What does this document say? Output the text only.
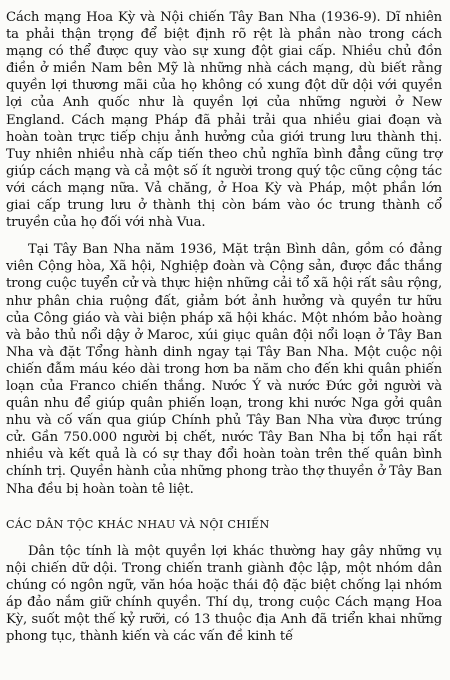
Cách mạng Hoa Kỳ và Nội chiến Tây Ban Nha (1936-9). Dĩ nhiên ta phải thận trọng để biệt định rõ rệt là phần nào trong cách mạng có thể được quy vào sự xung đột giai cấp. Nhiều chủ đồn điền ở miền Nam bên Mỹ là những nhà cách mạng, dù biết rằng quyền lợi thương mãi của họ không có xung đột dữ dội với quyền lợi của Anh quốc như là quyền lợi của những người ở New England. Cách mạng Pháp đã phải trải qua nhiều giai đoạn và hoàn toàn trực tiếp chịu ảnh hưởng của giới trung lưu thành thị. Tuy nhiên nhiều nhà cấp tiến theo chủ nghĩa bình đẳng cũng trợ giúp cách mạng và cả một số ít người trong quý tộc cũng cộng tác với cách mạng nữa. Vả chăng, ở Hoa Kỳ và Pháp, một phần lớn giai cấp trung lưu ở thành thị còn bám vào óc trung thành cổ truyền của họ đối với nhà Vua.

Tại Tây Ban Nha năm 1936, Mặt trận Bình dân, gồm có đảng viên Cộng hòa, Xã hội, Nghiệp đoàn và Cộng sản, được đắc thắng trong cuộc tuyển cử và thực hiện những cải tổ xã hội rất sâu rộng, như phân chia ruộng đất, giảm bớt ảnh hưởng và quyền tư hữu của Công giáo và vài biện pháp xã hội khác. Một nhóm bảo hoàng và bảo thủ nổi dậy ở Maroc, xúi giục quân đội nổi loạn ở Tây Ban Nha và đặt Tổng hành dinh ngay tại Tây Ban Nha. Một cuộc nội chiến đẫm máu kéo dài trong hơn ba năm cho đến khi quân phiến loạn của Franco chiến thắng. Nước Ý và nước Đức gởi người và quân nhu để giúp quân phiến loạn, trong khi nước Nga gởi quân nhu và cố vấn qua giúp Chính phủ Tây Ban Nha vừa được trúng cử. Gần 750.000 người bị chết, nước Tây Ban Nha bị tổn hại rất nhiều và kết quả là có sự thay đổi hoàn toàn trên thế quân bình chính trị. Quyền hành của những phong trào thợ thuyền ở Tây Ban Nha đều bị hoàn toàn tê liệt.

CÁC DÂN TỘC KHÁC NHAU VÀ NỘI CHIẾN

Dân tộc tính là một quyền lợi khác thường hay gây những vụ nội chiến dữ dội. Trong chiến tranh giành độc lập, một nhóm dân chúng có ngôn ngữ, văn hóa hoặc thái độ đặc biệt chống lại nhóm áp đảo nắm giữ chính quyền. Thí dụ, trong cuộc Cách mạng Hoa Kỳ, suốt một thế kỷ rưỡi, có 13 thuộc địa Anh đã triển khai những phong tục, thành kiến và các vấn đề kinh tế
